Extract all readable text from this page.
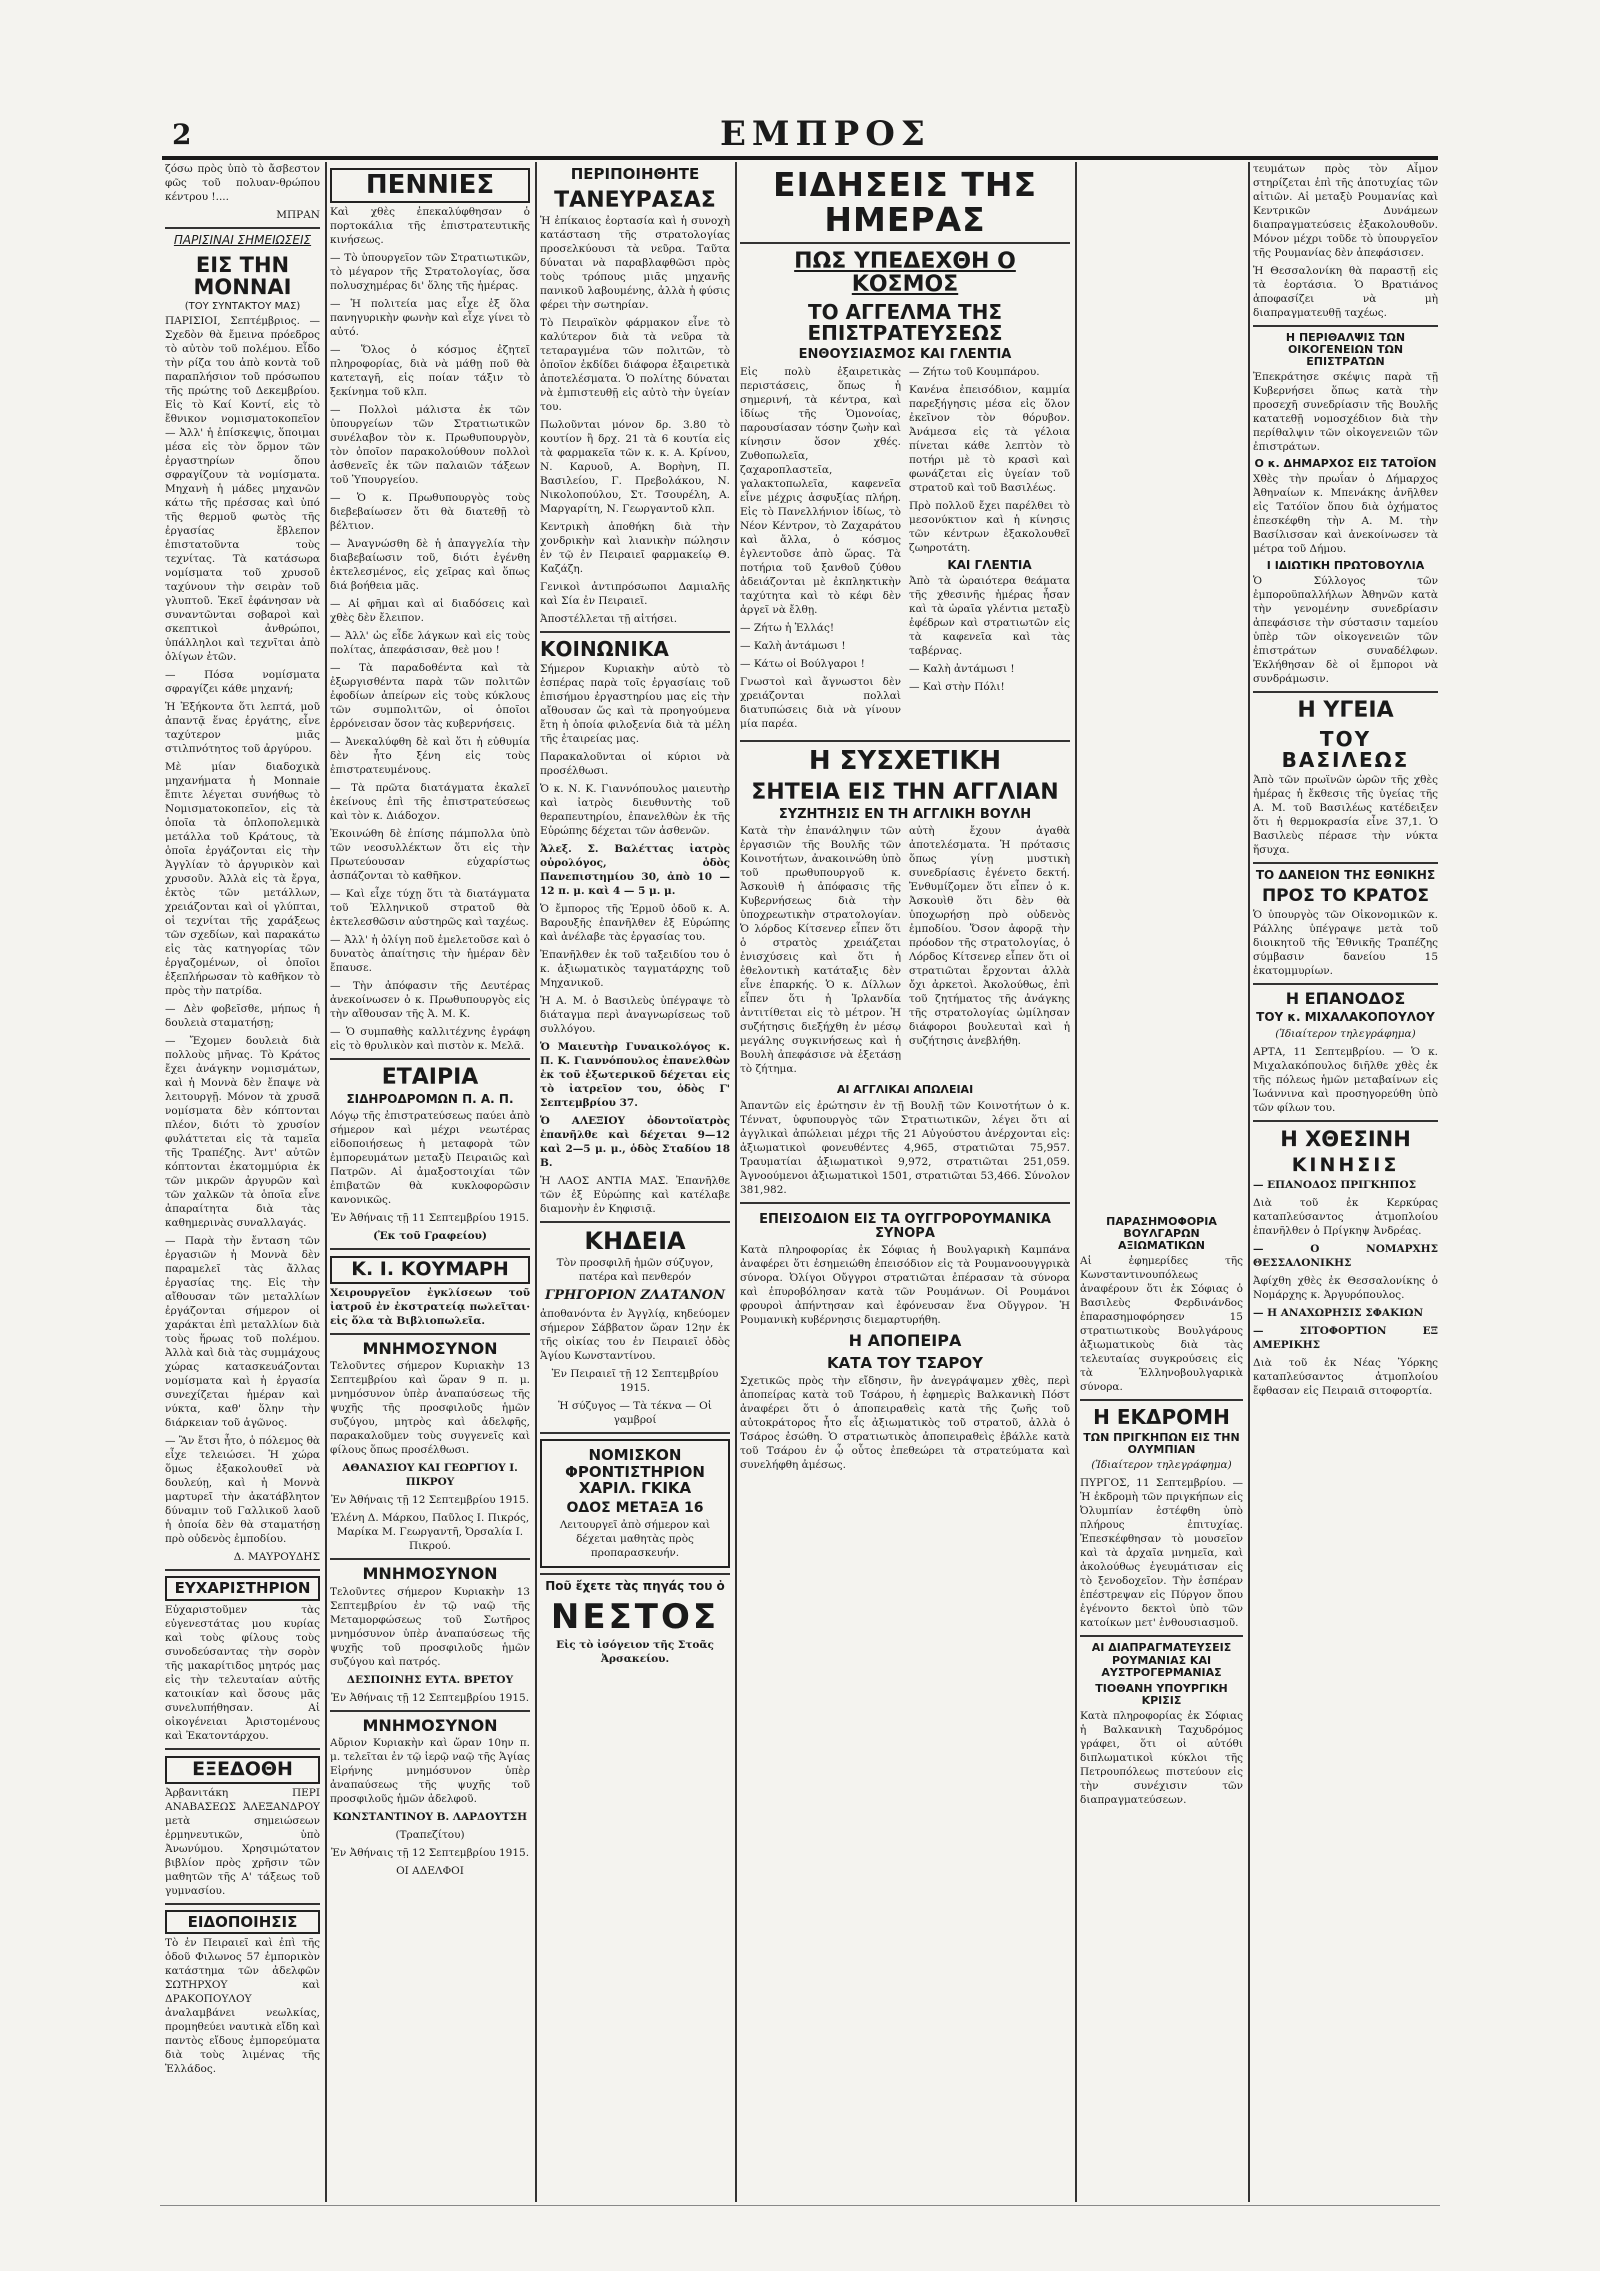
2	ΕΜΠΡΟΣ

ζόσω πρὸς ὑπὸ τὸ ἄσβεστον φῶς τοῦ πολυαν-θρώπου κέντρου !....

ΜΠΡΑΝ

ΠΑΡΙΣΙΝΑΙ ΣΗΜΕΙΩΣΕΙΣ
ΕΙΣ ΤΗΝ ΜΟΝΝΑΙ
(ΤΟΥ ΣΥΝΤΑΚΤΟΥ ΜΑΣ)

ΠΑΡΙΣΙΟΙ, Σεπτέμβριος. — Σχεδὸν θὰ ἔμεινα πρόεδρος τὸ αὐτὸν τοῦ πολέμου. Εἶδο τὴν ρίζα του ἀπὸ κοντὰ τοῦ παραπλήσιον τοῦ πρόσωπου τῆς πρώτης τοῦ Δεκεμβρίου. Εἰς τὸ Καί Κοντί, εἰς τὸ ἔθνικον νομισματοκοπεῖον — Ἀλλ' ἡ ἐπίσκεψις, ὅποιμαι μέσα εἰς τὸν ὅρμον τῶν ἐργαστηρίων ὅπου σφραγίζουν τὰ νομίσματα. Μηχανὴ ἡ μάδες μηχανῶν κάτω τῆς πρέσσας καὶ ὑπό τῆς θερμοῦ φωτὸς τῆς ἐργασίας ἔβλεπον ἐπιστατοῦντα τοὺς τεχνίτας. Τὰ κατάσωρα νομίσματα τοῦ χρυσοῦ ταχύνουν τὴν σειρὰν τοῦ γλυπτοῦ. Ἐκεῖ ἐφάνησαν νὰ συναντῶνται σοβαροὶ καὶ σκεπτικοὶ ἀνθρώποι, ὑπάλληλοι καὶ τεχνῖται ἀπὸ ὀλίγων ἐτῶν.

— Πόσα νομίσματα σφραγίζει κάθε μηχανή;

Ἡ Ἐξήκοντα ὅτι λεπτά, μοῦ ἀπαντᾷ ἕνας ἐργάτης, εἶνε ταχύτερον μιᾶς στιλπνότητος τοῦ ἀργύρου.

Μὲ μίαν διαδοχικὰ μηχανήματα ἡ Monnaie ἔπιτε λέγεται συνήθως τὸ Νομισματοκοπεῖον, εἰς τὰ ὁποῖα τὰ ὀπλοπολεμικὰ μετάλλα τοῦ Κράτους, τὰ ὁποῖα ἐργάζονται εἰς τὴν Ἀγγλίαν τὸ ἀργυρικὸν καὶ χρυσοῦν. Ἀλλὰ εἰς τὰ ἔργα, ἐκτὸς τῶν μετάλλων, χρειάζονται καὶ οἱ γλύπται, οἱ τεχνίται τῆς χαράξεως τῶν σχεδίων, καὶ παρακάτω εἰς τὰς κατηγορίας τῶν ἐργαζομένων, οἱ ὁποῖοι ἐξεπλήρωσαν τὸ καθῆκον τὸ πρὸς τὴν πατρίδα.

— Δὲν φοβεῖσθε, μήπως ἡ δουλειὰ σταματήσῃ;

— Ἔχομεν δουλειὰ διὰ πολλοὺς μῆνας. Τὸ Κράτος ἔχει ἀνάγκην νομισμάτων, καὶ ἡ Μοννὰ δὲν ἔπαψε νὰ λειτουργῇ. Μόνον τὰ χρυσᾶ νομίσματα δὲν κόπτονται πλέον, διότι τὸ χρυσίον φυλάττεται εἰς τὰ ταμεῖα τῆς Τραπέζης. Ἀντ' αὐτῶν κόπτονται ἐκατομμύρια ἐκ τῶν μικρῶν ἀργυρῶν καὶ τῶν χαλκῶν τὰ ὁποῖα εἶνε ἀπαραίτητα διὰ τὰς καθημερινὰς συναλλαγάς.

— Παρὰ τὴν ἔνταση τῶν ἐργασιῶν ἡ Μοννὰ δὲν παραμελεῖ τὰς ἄλλας ἐργασίας της. Εἰς τὴν αἴθουσαν τῶν μεταλλίων ἐργάζονται σήμερον οἱ χαράκται ἐπὶ μεταλλίων διὰ τοὺς ἥρωας τοῦ πολέμου. Ἀλλὰ καὶ διὰ τὰς συμμάχους χώρας κατασκευάζονται νομίσματα καὶ ἡ ἐργασία συνεχίζεται ἡμέραν καὶ νύκτα, καθ' ὅλην τὴν διάρκειαν τοῦ ἀγῶνος.

— Ἂν ἔτσι ἦτο, ὁ πόλεμος θὰ εἶχε τελειώσει. Ἡ χώρα ὅμως ἐξακολουθεῖ νὰ δουλεύῃ, καὶ ἡ Μοννὰ μαρτυρεῖ τὴν ἀκατάβλητον δύναμιν τοῦ Γαλλικοῦ λαοῦ ἡ ὁποία δὲν θὰ σταματήσῃ πρὸ οὐδενὸς ἐμποδίου.

Δ. ΜΑΥΡΟΥΔΗΣ

ΕΥΧΑΡΙΣΤΗΡΙΟΝ

Εὐχαριστοῦμεν τὰς εὐγενεστάτας μου κυρίας καὶ τοὺς φίλους τοὺς συνοδεύσαντας τὴν σορὸν τῆς μακαρίτιδος μητρός μας εἰς τὴν τελευταίαν αὐτῆς κατοικίαν καὶ ὅσους μᾶς συνελυπήθησαν. Αἱ οἰκογένειαι Ἀριστομένους καὶ Ἐκατοντάρχου.

ΕΞΕΔΟΘΗ

Ἀρβανιτάκη ΠΕΡΙ ΑΝΑΒΑΣΕΩΣ ἈΛΕΞΑΝΔΡΟΥ μετὰ σημειώσεων ἐρμηνευτικῶν, ὑπὸ Ἀνωνύμου. Χρησιμώτατον βιβλίον πρὸς χρῆσιν τῶν μαθητῶν τῆς Α' τάξεως τοῦ γυμνασίου.

ΕΙΔΟΠΟΙΗΣΙΣ

Τὸ ἐν Πειραιεῖ καὶ ἐπὶ τῆς ὁδοῦ Φιλωνος 57 ἐμπορικὸν κατάστημα τῶν ἀδελφῶν ΣΩΤΗΡΧΟΥ καὶ ΔΡΑΚΟΠΟΥΛΟΥ ἀναλαμβάνει νεωλκίας, προμηθεύει ναυτικὰ εἴδη καὶ παντὸς εἴδους ἐμπορεύματα διὰ τοὺς λιμένας τῆς Ἑλλάδος.

ΠΕΝΝΙΕΣ

Καὶ χθὲς ἐπεκαλύφθησαν ὁ πορτοκάλια τῆς ἐπιστρατευτικῆς κινήσεως.

— Τὸ ὑπουργεῖον τῶν Στρατιωτικῶν, τὸ μέγαρον τῆς Στρατολογίας, ὅσα πολυσχημέρας δι' ὅλης τῆς ἡμέρας.

— Ἡ πολιτεία μας εἶχε ἐξ ὅλα πανηγυρικὴν φωνὴν καὶ εἶχε γίνει τὸ αὐτό.

— Ὅλος ὁ κόσμος ἐζητεῖ πληροφορίας, διὰ νὰ μάθῃ ποῦ θὰ κατεταγῆ, εἰς ποίαν τάξιν τὸ ξεκίνημα τοῦ κλπ.

— Πολλοὶ μάλιστα ἐκ τῶν ὑπουργείων τῶν Στρατιωτικῶν συνέλαβον τὸν κ. Πρωθυπουργὸν, τὸν ὁποῖον παρακολούθουν πολλοὶ ἀσθενεῖς ἐκ τῶν παλαιῶν τάξεων τοῦ Ὑπουργείου.

— Ὁ κ. Πρωθυπουργὸς τοὺς διεβεβαίωσεν ὅτι θὰ διατεθῇ τὸ βέλτιον.

— Ἀναγνώσθη δὲ ἡ ἀπαγγελία τὴν διαβεβαίωσιν τοῦ, διότι ἐγένθη ἐκτελεσμένος, εἰς χεῖρας καὶ ὅπως διά βοήθεια μᾶς.

— Αἱ φῆμαι καὶ αἱ διαδόσεις καὶ χθὲς δὲν ἔλειπον.

— Ἀλλ' ὡς εἶδε λάγκων καὶ εἰς τοὺς πολίτας, ἀπεφάσισαν, θεὲ μου !

— Τὰ παραδοθέντα καὶ τὰ ἐξωργισθέντα παρὰ τῶν πολιτῶν ἐφοδίων ἀπείρων εἰς τοὺς κύκλους τῶν συμπολιτῶν, οἱ ὁποῖοι ἐρρόνεισαν ὅσον τὰς κυβερνήσεις.

— Ἀνεκαλύφθη δὲ καὶ ὅτι ἡ εὐθυμία δὲν ἦτο ξένη εἰς τοὺς ἐπιστρατευμένους.

— Τὰ πρῶτα διατάγματα ἐκαλεῖ ἐκείνους ἐπὶ τῆς ἐπιστρατεύσεως καὶ τὸν κ. Διάδοχον.

Ἐκοινώθη δὲ ἐπίσης πάμπολλα ὑπὸ τῶν νεοσυλλέκτων ὅτι εἰς τὴν Πρωτεύουσαν εὐχαρίστως ἀσπάζονται τὸ καθῆκον.

— Καὶ εἶχε τύχῃ ὅτι τὰ διατάγματα τοῦ Ἐλληνικοῦ στρατοῦ θὰ ἐκτελεσθῶσιν αὐστηρῶς καὶ ταχέως.

— Ἀλλ' ἡ ὀλίγη ποῦ ἐμελετοῦσε καὶ ὁ δυνατὸς ἀπαίτησις τὴν ἡμέραν δὲν ἔπαυσε.

— Τὴν ἀπόφασιν τῆς Δευτέρας ἀνεκοίνωσεν ὁ κ. Πρωθυπουργὸς εἰς τὴν αἴθουσαν τῆς Ἀ. Μ. Κ.

— Ὁ συμπαθὴς καλλιτέχνης ἐγράφη εἰς τὸ θρυλικὸν καὶ πιστὸν κ. Μελᾶ.

ΕΤΑΙΡΙΑ
ΣΙΔΗΡΟΔΡΟΜΩΝ Π. Α. Π.

Λόγῳ τῆς ἐπιστρατεύσεως παύει ἀπὸ σήμερον καὶ μέχρι νεωτέρας εἰδοποιήσεως ἡ μεταφορὰ τῶν ἐμπορευμάτων μεταξὺ Πειραιῶς καὶ Πατρῶν. Αἱ ἀμαξοστοιχίαι τῶν ἐπιβατῶν θὰ κυκλοφορῶσιν κανονικῶς.

Ἐν Ἀθήναις τῇ 11 Σεπτεμβρίου 1915.

(Ἐκ τοῦ Γραφείου)

Κ. Ι. ΚΟΥΜΑΡΗ

Χειρουργεῖον ἐγκλίσεων τοῦ ἰατροῦ ἐν ἐκστρατείᾳ πωλεῖται· εἰς ὅλα τὰ Βιβλιοπωλεῖα.

ΜΝΗΜΟΣΥΝΟΝ

Τελοῦντες σήμερον Κυριακὴν 13 Σεπτεμβρίου καὶ ὥραν 9 π. μ. μνημόσυνον ὑπὲρ ἀναπαύσεως τῆς ψυχῆς τῆς προσφιλοῦς ἡμῶν συζύγου, μητρὸς καὶ ἀδελφῆς, παρακαλοῦμεν τοὺς συγγενεῖς καὶ φίλους ὅπως προσέλθωσι.

ΑΘΑΝΑΣΙΟΥ ΚΑΙ ΓΕΩΡΓΙΟΥ Ι. ΠΙΚΡΟΥ

Ἐν Ἀθήναις τῇ 12 Σεπτεμβρίου 1915.

Ἑλένη Δ. Μάρκου, Παῦλος Ι. Πικρός, Μαρίκα Μ. Γεωργαντῆ, Ὀρσαλία Ι. Πικρού.

ΜΝΗΜΟΣΥΝΟΝ

Τελοῦντες σήμερον Κυριακὴν 13 Σεπτεμβρίου ἐν τῷ ναῷ τῆς Μεταμορφώσεως τοῦ Σωτῆρος μνημόσυνον ὑπὲρ ἀναπαύσεως τῆς ψυχῆς τοῦ προσφιλοῦς ἡμῶν συζύγου καὶ πατρός.

ΔΕΣΠΟΙΝΗΣ ΕΥΤΑ. ΒΡΕΤΟΥ

Ἐν Ἀθήναις τῇ 12 Σεπτεμβρίου 1915.

ΜΝΗΜΟΣΥΝΟΝ

Αὔριον Κυριακὴν καὶ ὥραν 10ην π. μ. τελεῖται ἐν τῷ ἱερῷ ναῷ τῆς Ἁγίας Εἰρήνης μνημόσυνον ὑπὲρ ἀναπαύσεως τῆς ψυχῆς τοῦ προσφιλοῦς ἡμῶν ἀδελφοῦ.

ΚΩΝΣΤΑΝΤΙΝΟΥ Β. ΛΑΡΔΟΥΤΣΗ

(Τραπεζίτου)

Ἐν Ἀθήναις τῇ 12 Σεπτεμβρίου 1915.

ΟΙ ΑΔΕΛΦΟΙ

ΠΕΡΙΠΟΙΗΘΗΤΕ
ΤΑΝΕΥΡΑΣΑΣ

Ἡ ἐπίκαιος ἐορτασία καὶ ἡ συνοχὴ κατάσταση τῆς στρατολογίας προσελκύουσι τὰ νεῦρα. Ταῦτα δύναται νὰ παραβλαφθῶσι πρὸς τοὺς τρόπους μιᾶς μηχανῆς πανικοῦ λαβουμένης, ἀλλὰ ἡ φύσις φέρει τὴν σωτηρίαν.

Τὸ Πειραϊκὸν φάρμακον εἶνε τὸ καλύτερον διὰ τὰ νεῦρα τὰ τεταραγμένα τῶν πολιτῶν, τὸ ὁποῖον ἐκδίδει διάφορα ἐξαιρετικὰ ἀποτελέσματα. Ὁ πολίτης δύναται νὰ ἐμπιστευθῇ εἰς αὐτὸ τὴν ὑγείαν του.

Πωλοῦνται μόνον δρ. 3.80 τὸ κουτίον ἢ δρχ. 21 τὰ 6 κουτία εἰς τὰ φαρμακεῖα τῶν κ. κ. Α. Κρίνου, Ν. Καρυοῦ, Α. Βορὴνη, Π. Βασιλείου, Γ. Πρεβολάκου, Ν. Νικολοπούλου, Στ. Τσουρέλη, Α. Μαργαρίτη, Ν. Γεωργαντοῦ κλπ.

Κεντρικὴ ἀποθήκη διὰ τὴν χονδρικὴν καὶ λιανικὴν πώλησιν ἐν τῷ ἐν Πειραιεῖ φαρμακείῳ Θ. Καζάζη.

Γενικοὶ ἀντιπρόσωποι Δαμιαλῆς καὶ Σία ἐν Πειραιεῖ.

Ἀποστέλλεται τῇ αἰτήσει.

ΚΟΙΝΩΝΙΚΑ

Σήμερον Κυριακὴν αὐτὸ τὸ ἑσπέρας παρὰ τοῖς ἐργασίαις τοῦ ἐπισήμου ἐργαστηρίου μας εἰς τὴν αἴθουσαν ὥς καὶ τὰ προηγούμενα ἔτη ἡ ὁποία φιλοξενία διὰ τὰ μέλη τῆς ἑταιρείας μας.

Παρακαλοῦνται οἱ κύριοι νὰ προσέλθωσι.

Ὁ κ. Ν. Κ. Γιαννόπουλος μαιευτὴρ καὶ ἰατρὸς διευθυντὴς τοῦ θεραπευτηρίου, ἐπανελθὼν ἐκ τῆς Εὐρώπης δέχεται τῶν ἀσθενῶν.

Ἀλεξ. Σ. Βαλέττας ἰατρὸς οὐρολόγος, ὁδὸς Πανεπιστημίου 30, ἀπὸ 10 — 12 π. μ. καὶ 4 — 5 μ. μ.

Ὁ ἔμπορος τῆς Ἑρμοῦ ὁδοῦ κ. Α. Βαρουξῆς ἐπανῆλθεν ἐξ Εὐρώπης καὶ ἀνέλαβε τὰς ἐργασίας του.

Ἐπανῆλθεν ἐκ τοῦ ταξειδίου του ὁ κ. ἀξιωματικὸς ταγματάρχης τοῦ Μηχανικοῦ.

Ἡ Α. Μ. ὁ Βασιλεὺς ὑπέγραψε τὸ διάταγμα περὶ ἀναγνωρίσεως τοῦ συλλόγου.

Ὁ Μαιευτὴρ Γυναικολόγος κ. Π. Κ. Γιαννόπουλος ἐπανελθὼν ἐκ τοῦ ἐξωτερικοῦ δέχεται εἰς τὸ ἰατρεῖον του, ὁδὸς Γ' Σεπτεμβρίου 37.

Ὁ ΑΛΕΞΙΟΥ ὀδοντοϊατρὸς ἐπανῆλθε καὶ δέχεται 9—12 καὶ 2—5 μ. μ., ὁδὸς Σταδίου 18 Β.

Ἡ ΛΑΟΣ ΑΝΤΙΑ ΜΑΣ. Ἐπανῆλθε τῶν ἐξ Εὐρώπης καὶ κατέλαβε διαμονὴν ἐν Κηφισιᾷ.

ΚΗΔΕΙΑ

Τὸν προσφιλῆ ἡμῶν σύζυγον, πατέρα καὶ πενθερόν

ΓΡΗΓΟΡΙΟΝ ΖΛΑΤΑΝΟΝ

ἀποθανόντα ἐν Ἀγγλίᾳ, κηδεύομεν σήμερον Σάββατον ὥραν 12ην ἐκ τῆς οἰκίας του ἐν Πειραιεῖ ὁδὸς Ἁγίου Κωνσταντίνου.

Ἐν Πειραιεῖ τῇ 12 Σεπτεμβρίου 1915.

Ἡ σύζυγος — Τὰ τέκνα — Οἱ γαμβροί

ΝΟΜΙΣΚΟΝ ΦΡΟΝΤΙΣΤΗΡΙΟΝ ΧΑΡΙΛ. ΓΚΙΚΑ
ΟΔΟΣ ΜΕΤΑΞΑ 16

Λειτουργεῖ ἀπὸ σήμερον καὶ δέχεται μαθητὰς πρὸς προπαρασκευήν.

Ποῦ ἔχετε τὰς πηγάς του ὁ
ΝΕΣΤΟΣ

Εἰς τὸ ἰσόγειον τῆς Στοᾶς Ἀρσακείου.

ΕΙΔΗΣΕΙΣ ΤΗΣ ΗΜΕΡΑΣ
ΠΩΣ ΥΠΕΔΕΧΘΗ Ο ΚΟΣΜΟΣ
ΤΟ ΑΓΓΕΛΜΑ ΤΗΣ ΕΠΙΣΤΡΑΤΕΥΣΕΩΣ
ΕΝΘΟΥΣΙΑΣΜΟΣ ΚΑΙ ΓΛΕΝΤΙΑ

Εἰς πολὺ ἐξαιρετικὰς περιστάσεις, ὅπως ἡ σημερινή, τὰ κέντρα, καὶ ἰδίως τῆς Ὁμονοίας, παρουσίασαν τόσην ζωὴν καὶ κίνησιν ὅσον χθές. Ζυθοπωλεῖα, ζαχαροπλαστεῖα, γαλακτοπωλεῖα, καφενεῖα εἶνε μέχρις ἀσφυξίας πλήρη. Εἰς τὸ Πανελλήνιον ἰδίως, τὸ Νέον Κέντρον, τὸ Ζαχαράτου καὶ ἄλλα, ὁ κόσμος ἐγλεντοῦσε ἀπὸ ὥρας. Τὰ ποτήρια τοῦ ξανθοῦ ζύθου ἀδειάζονται μὲ ἐκπληκτικὴν ταχύτητα καὶ τὸ κέφι δὲν ἀργεῖ νὰ ἔλθῃ.

— Ζήτω ἡ Ἑλλάς!

— Καλὴ ἀντάμωσι !

— Κάτω οἱ Βούλγαροι !

Γνωστοὶ καὶ ἄγνωστοι δὲν χρειάζονται πολλαὶ διατυπώσεις διὰ νὰ γίνουν μία παρέα.

— Ζήτω τοῦ Κουμπάρου.

Κανένα ἐπεισόδιον, καμμία παρεξήγησις μέσα εἰς ὅλον ἐκεῖνον τὸν θόρυβον. Ἀνάμεσα εἰς τὰ γέλοια πίνεται κάθε λεπτὸν τὸ ποτήρι μὲ τὸ κρασὶ καὶ φωνάζεται εἰς ὑγείαν τοῦ στρατοῦ καὶ τοῦ Βασιλέως.

Πρὸ πολλοῦ ἔχει παρέλθει τὸ μεσονύκτιον καὶ ἡ κίνησις τῶν κέντρων ἐξακολουθεῖ ζωηροτάτη.

ΚΑΙ ΓΛΕΝΤΙΑ

Ἀπὸ τὰ ὡραιότερα θεάματα τῆς χθεσινῆς ἡμέρας ἦσαν καὶ τὰ ὡραῖα γλέντια μεταξὺ ἐφέδρων καὶ στρατιωτῶν εἰς τὰ καφενεῖα καὶ τὰς ταβέρνας.

— Καλὴ ἀντάμωσι !

— Καὶ στὴν Πόλι!

Η ΣΥΣΧΕΤΙΚΗ
ΣΗΤΕΙΑ ΕΙΣ ΤΗΝ ΑΓΓΛΙΑΝ
ΣΥΖΗΤΗΣΙΣ ΕΝ ΤΗ ΑΓΓΛΙΚΗ ΒΟΥΛΗ

Κατὰ τὴν ἐπανάληψιν τῶν ἐργασιῶν τῆς Βουλῆς τῶν Κοινοτήτων, ἀνακοινώθη ὑπὸ τοῦ πρωθυπουργοῦ κ. Ἀσκουὶθ ἡ ἀπόφασις τῆς Κυβερνήσεως διὰ τὴν ὑποχρεωτικὴν στρατολογίαν. Ὁ λόρδος Κίτσενερ εἶπεν ὅτι ὁ στρατὸς χρειάζεται ἐνισχύσεις καὶ ὅτι ἡ ἐθελοντικὴ κατάταξις δὲν εἶνε ἐπαρκής. Ὁ κ. Δίλλων εἶπεν ὅτι ἡ Ἰρλανδία ἀντιτίθεται εἰς τὸ μέτρον. Ἡ συζήτησις διεξήχθη ἐν μέσῳ μεγάλης συγκινήσεως καὶ ἡ Βουλὴ ἀπεφάσισε νὰ ἐξετάσῃ τὸ ζήτημα.

αὐτὴ ἔχουν ἀγαθὰ ἀποτελέσματα. Ἡ πρότασις ὅπως γίνῃ μυστικὴ συνεδρίασις ἐγένετο δεκτή. Ἐνθυμίζομεν ὅτι εἶπεν ὁ κ. Ἀσκουὶθ ὅτι δὲν θὰ ὑποχωρήσῃ πρὸ οὐδενὸς ἐμποδίου. Ὅσον ἀφορᾷ τὴν πρόοδον τῆς στρατολογίας, ὁ Λόρδος Κίτσενερ εἶπεν ὅτι οἱ στρατιῶται ἔρχονται ἀλλὰ ὄχι ἀρκετοὶ. Ἀκολούθως, ἐπὶ τοῦ ζητήματος τῆς ἀνάγκης τῆς στρατολογίας ὡμίλησαν διάφοροι βουλευταὶ καὶ ἡ συζήτησις ἀνεβλήθη.

ΑΙ ΑΓΓΛΙΚΑΙ ΑΠΩΛΕΙΑΙ

Ἀπαντῶν εἰς ἐρώτησιν ἐν τῇ Βουλῇ τῶν Κοινοτήτων ὁ κ. Τέννατ, ὑφυπουργὸς τῶν Στρατιωτικῶν, λέγει ὅτι αἱ ἀγγλικαὶ ἀπώλειαι μέχρι τῆς 21 Αὐγούστου ἀνέρχονται εἰς: ἀξιωματικοὶ φονευθέντες 4,965, στρατιῶται 75,957. Τραυματίαι ἀξιωματικοὶ 9,972, στρατιῶται 251,059. Ἀγνοούμενοι ἀξιωματικοὶ 1501, στρατιῶται 53,466. Σύνολον 381,982.

ΕΠΕΙΣΟΔΙΟΝ ΕΙΣ ΤΑ ΟΥΓΓΡΟΡΟΥΜΑΝΙΚΑ ΣΥΝΟΡΑ

Κατὰ πληροφορίας ἐκ Σόφιας ἡ Βουλγαρικὴ Καμπάνα ἀναφέρει ὅτι ἐσημειώθη ἐπεισόδιον εἰς τὰ Ρουμανοουγγρικὰ σύνορα. Ὀλίγοι Οὔγγροι στρατιῶται ἐπέρασαν τὰ σύνορα καὶ ἐπυροβόλησαν κατὰ τῶν Ρουμάνων. Οἱ Ρουμάνοι φρουροὶ ἀπήντησαν καὶ ἐφόνευσαν ἕνα Οὔγγρον. Ἡ Ρουμανικὴ κυβέρνησις διεμαρτυρήθη.

Η ΑΠΟΠΕΙΡΑ
ΚΑΤΑ ΤΟΥ ΤΣΑΡΟΥ

Σχετικῶς πρὸς τὴν εἴδησιν, ἣν ἀνεγράψαμεν χθὲς, περὶ ἀποπείρας κατὰ τοῦ Τσάρου, ἡ ἐφημερὶς Βαλκανικὴ Πόστ ἀναφέρει ὅτι ὁ ἀποπειραθεὶς κατὰ τῆς ζωῆς τοῦ αὐτοκράτορος ἦτο εἷς ἀξιωματικὸς τοῦ στρατοῦ, ἀλλὰ ὁ Τσάρος ἐσώθη. Ὁ στρατιωτικὸς ἀποπειραθεὶς ἐβάλλε κατὰ τοῦ Τσάρου ἐν ᾧ οὗτος ἐπεθεώρει τὰ στρατεύματα καὶ συνελήφθη ἀμέσως.

ΠΑΡΑΣΗΜΟΦΟΡΙΑ ΒΟΥΛΓΑΡΩΝ ΑΞΙΩΜΑΤΙΚΩΝ

Αἱ ἐφημερίδες τῆς Κωνσταντινουπόλεως ἀναφέρουν ὅτι ἐκ Σόφιας ὁ Βασιλεὺς Φερδινάνδος ἐπαρασημοφόρησεν 15 στρατιωτικοὺς Βουλγάρους ἀξιωματικοὺς διὰ τὰς τελευταίας συγκρούσεις εἰς τὰ Ἑλληνοβουλγαρικὰ σύνορα.

Η ΕΚΔΡΟΜΗ
ΤΩΝ ΠΡΙΓΚΗΠΩΝ ΕΙΣ ΤΗΝ ΟΛΥΜΠΙΑΝ

(Ἰδιαίτερον τηλεγράφημα)

ΠΥΡΓΟΣ, 11 Σεπτεμβρίου. — Ἡ ἐκδρομὴ τῶν πριγκήπων εἰς Ὀλυμπίαν ἐστέφθη ὑπὸ πλήρους ἐπιτυχίας. Ἐπεσκέφθησαν τὸ μουσεῖον καὶ τὰ ἀρχαῖα μνημεῖα, καὶ ἀκολούθως ἐγευμάτισαν εἰς τὸ ξενοδοχεῖον. Τὴν ἑσπέραν ἐπέστρεψαν εἰς Πύργον ὅπου ἐγένοντο δεκτοὶ ὑπὸ τῶν κατοίκων μετ' ἐνθουσιασμοῦ.

ΑΙ ΔΙΑΠΡΑΓΜΑΤΕΥΣΕΙΣ ΡΟΥΜΑΝΙΑΣ ΚΑΙ ΑΥΣΤΡΟΓΕΡΜΑΝΙΑΣ
ΤΙΟΘΑΝΗ ΥΠΟΥΡΓΙΚΗ ΚΡΙΣΙΣ

Κατὰ πληροφορίας ἐκ Σόφιας ἡ Βαλκανικὴ Ταχυδρόμος γράφει, ὅτι οἱ αὐτόθι διπλωματικοὶ κύκλοι τῆς Πετρουπόλεως πιστεύουν εἰς τὴν συνέχισιν τῶν διαπραγματεύσεων.

τευμάτων πρὸς τὸν Αἶμον στηρίζεται ἐπὶ τῆς ἀποτυχίας τῶν αἰτιῶν. Αἱ μεταξὺ Ρουμανίας καὶ Κεντρικῶν Δυνάμεων διαπραγματεύσεις ἐξακολουθοῦν. Μόνον μέχρι τοῦδε τὸ ὑπουργεῖον τῆς Ρουμανίας δὲν ἀπεφάσισεν.

Ἡ Θεσσαλονίκη θὰ παραστῇ εἰς τὰ ἑορτάσια. Ὁ Βρατιάνος ἀποφασίζει νὰ μὴ διαπραγματευθῇ ταχέως.

Η ΠΕΡΙΘΑΛΨΙΣ ΤΩΝ ΟΙΚΟΓΕΝΕΙΩΝ ΤΩΝ ΕΠΙΣΤΡΑΤΩΝ

Ἐπεκράτησε σκέψις παρὰ τῇ Κυβερνήσει ὅπως κατὰ τὴν προσεχῆ συνεδρίασιν τῆς Βουλῆς κατατεθῇ νομοσχέδιον διὰ τὴν περίθαλψιν τῶν οἰκογενειῶν τῶν ἐπιστράτων.

Ο κ. ΔΗΜΑΡΧΟΣ ΕΙΣ ΤΑΤΟΪΟΝ

Χθὲς τὴν πρωΐαν ὁ Δήμαρχος Ἀθηναίων κ. Μπενάκης ἀνῆλθεν εἰς Τατόϊον ὅπου διὰ ὀχήματος ἐπεσκέφθη τὴν Α. Μ. τὴν Βασίλισσαν καὶ ἀνεκοίνωσεν τὰ μέτρα τοῦ Δήμου.

Ι ΙΔΙΩΤΙΚΗ ΠΡΩΤΟΒΟΥΛΙΑ

Ὁ Σύλλογος τῶν ἐμποροϋπαλλήλων Ἀθηνῶν κατὰ τὴν γενομένην συνεδρίασιν ἀπεφάσισε τὴν σύστασιν ταμείου ὑπὲρ τῶν οἰκογενειῶν τῶν ἐπιστράτων συναδέλφων. Ἐκλήθησαν δὲ οἱ ἔμποροι νὰ συνδράμωσιν.

Η ΥΓΕΙΑ
ΤΟΥ ΒΑΣΙΛΕΩΣ

Ἀπὸ τῶν πρωϊνῶν ὡρῶν τῆς χθὲς ἡμέρας ἡ ἔκθεσις τῆς ὑγείας τῆς Α. Μ. τοῦ Βασιλέως κατέδειξεν ὅτι ἡ θερμοκρασία εἶνε 37,1. Ὁ Βασιλεὺς πέρασε τὴν νύκτα ἥσυχα.

ΤΟ ΔΑΝΕΙΟΝ ΤΗΣ ΕΘΝΙΚΗΣ
ΠΡΟΣ ΤΟ ΚΡΑΤΟΣ

Ὁ ὑπουργὸς τῶν Οἰκονομικῶν κ. Ράλλης ὑπέγραψε μετὰ τοῦ διοικητοῦ τῆς Ἐθνικῆς Τραπέζης σύμβασιν δανείου 15 ἑκατομμυρίων.

Η ΕΠΑΝΟΔΟΣ
ΤΟΥ κ. ΜΙΧΑΛΑΚΟΠΟΥΛΟΥ

(Ἰδιαίτερον τηλεγράφημα)

ΑΡΤΑ, 11 Σεπτεμβρίου. — Ὁ κ. Μιχαλακόπουλος διῆλθε χθὲς ἐκ τῆς πόλεως ἡμῶν μεταβαίνων εἰς Ἰωάννινα καὶ προσηγορεύθη ὑπὸ τῶν φίλων του.

Η ΧΘΕΣΙΝΗ
ΚΙΝΗΣΙΣ

— ΕΠΑΝΟΔΟΣ ΠΡΙΓΚΗΠΟΣ

Διὰ τοῦ ἐκ Κερκύρας καταπλεύσαντος ἀτμοπλοίου ἐπανῆλθεν ὁ Πρίγκηψ Ἀνδρέας.

— Ο ΝΟΜΑΡΧΗΣ ΘΕΣΣΑΛΟΝΙΚΗΣ

Ἀφίχθη χθὲς ἐκ Θεσσαλονίκης ὁ Νομάρχης κ. Ἀργυρόπουλος.

— Η ΑΝΑΧΩΡΗΣΙΣ ΣΦΑΚΙΩΝ

— ΣΙΤΟΦΟΡΤΙΟΝ ΕΞ ΑΜΕΡΙΚΗΣ

Διὰ τοῦ ἐκ Νέας Ὑόρκης καταπλεύσαντος ἀτμοπλοίου ἔφθασαν εἰς Πειραιᾶ σιτοφορτία.
